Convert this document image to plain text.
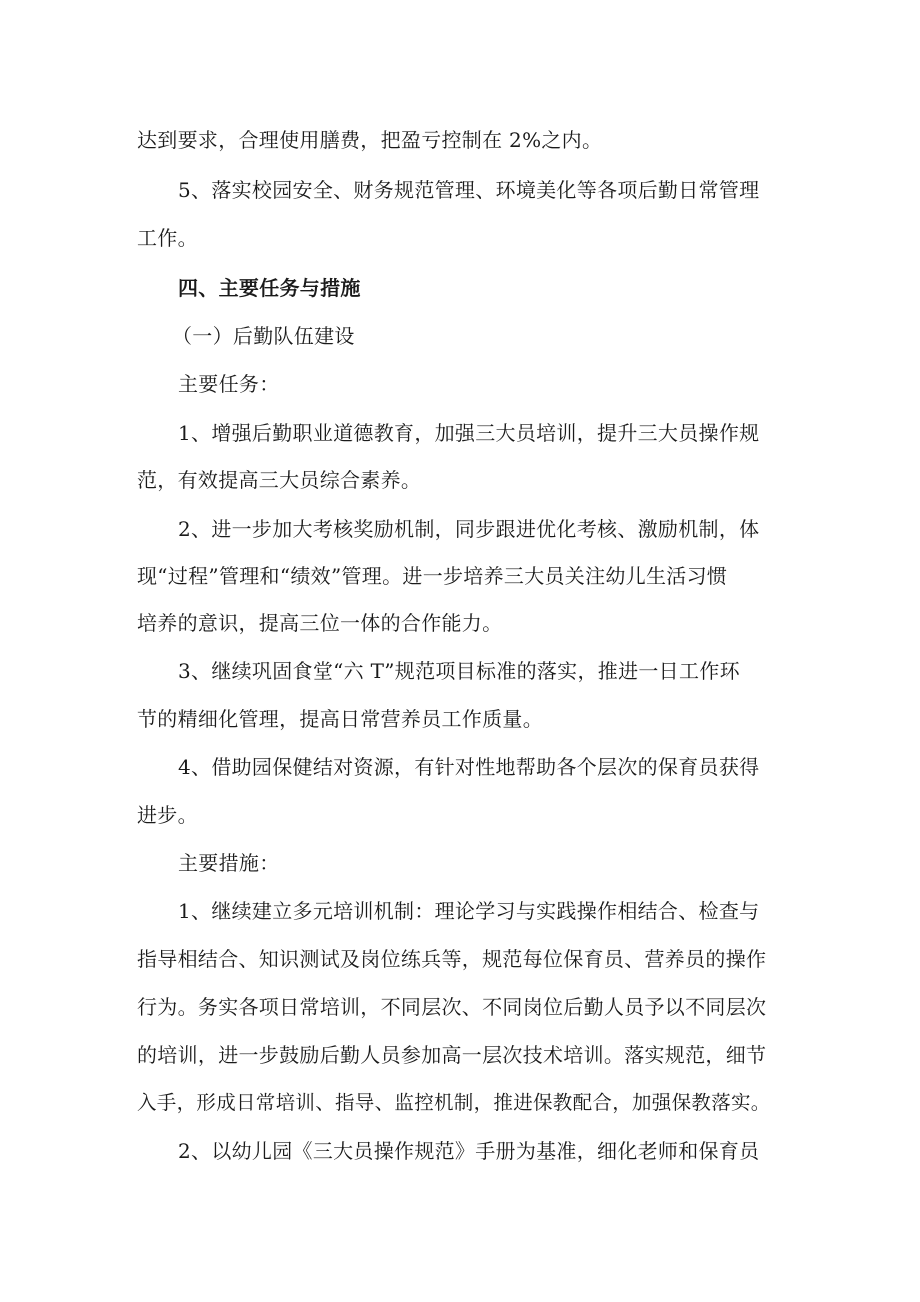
达到要求，合理使用膳费，把盈亏控制在 2%之内。
5、落实校园安全、财务规范管理、环境美化等各项后勤日常管理
工作。
四、主要任务与措施
（一）后勤队伍建设
主要任务：
1、增强后勤职业道德教育，加强三大员培训，提升三大员操作规
范，有效提高三大员综合素养。
2、进一步加大考核奖励机制，同步跟进优化考核、激励机制，体
现“过程”管理和“绩效”管理。进一步培养三大员关注幼儿生活习惯
培养的意识，提高三位一体的合作能力。
3、继续巩固食堂“六 T”规范项目标准的落实，推进一日工作环
节的精细化管理，提高日常营养员工作质量。
4、借助园保健结对资源，有针对性地帮助各个层次的保育员获得
进步。
主要措施：
1、继续建立多元培训机制：理论学习与实践操作相结合、检查与
指导相结合、知识测试及岗位练兵等，规范每位保育员、营养员的操作
行为。务实各项日常培训，不同层次、不同岗位后勤人员予以不同层次
的培训，进一步鼓励后勤人员参加高一层次技术培训。落实规范，细节
入手，形成日常培训、指导、监控机制，推进保教配合，加强保教落实。
2、以幼儿园《三大员操作规范》手册为基准，细化老师和保育员
